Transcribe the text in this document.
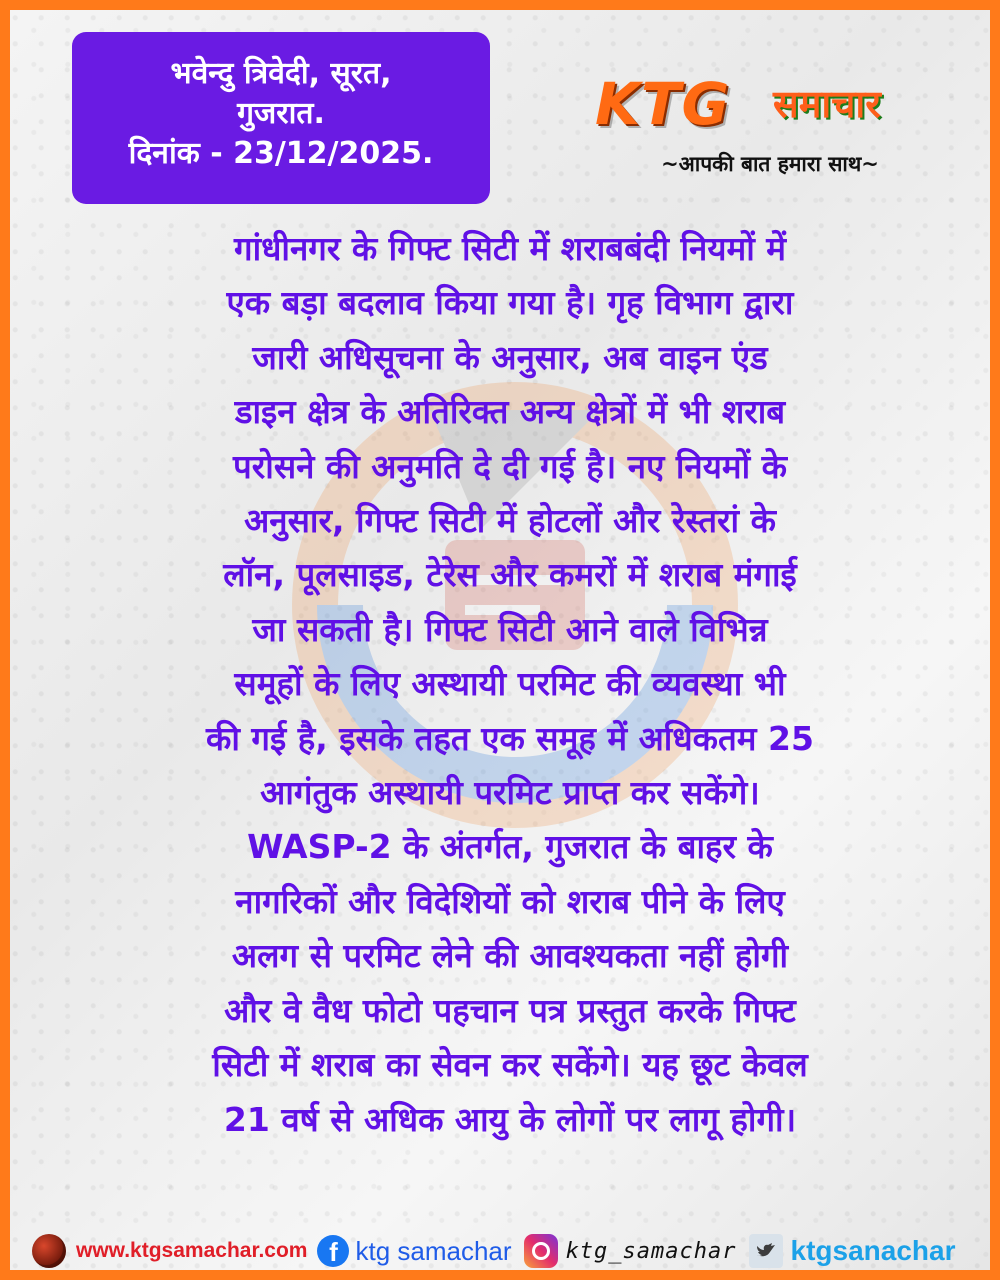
भवेन्दु त्रिवेदी, सूरत,
गुजरात.
दिनांक - 23/12/2025.
KTG समाचार
~आपकी बात हमारा साथ~
गांधीनगर के गिफ्ट सिटी में शराबबंदी नियमों में
एक बड़ा बदलाव किया गया है। गृह विभाग द्वारा
जारी अधिसूचना के अनुसार, अब वाइन एंड
डाइन क्षेत्र के अतिरिक्त अन्य क्षेत्रों में भी शराब
परोसने की अनुमति दे दी गई है। नए नियमों के
अनुसार, गिफ्ट सिटी में होटलों और रेस्तरां के
लॉन, पूलसाइड, टेरेस और कमरों में शराब मंगाई
जा सकती है। गिफ्ट सिटी आने वाले विभिन्न
समूहों के लिए अस्थायी परमिट की व्यवस्था भी
की गई है, इसके तहत एक समूह में अधिकतम 25
आगंतुक अस्थायी परमिट प्राप्त कर सकेंगे।
WASP-2 के अंतर्गत, गुजरात के बाहर के
नागरिकों और विदेशियों को शराब पीने के लिए
अलग से परमिट लेने की आवश्यकता नहीं होगी
और वे वैध फोटो पहचान पत्र प्रस्तुत करके गिफ्ट
सिटी में शराब का सेवन कर सकेंगे। यह छूट केवल
21 वर्ष से अधिक आयु के लोगों पर लागू होगी।
www.ktgsamachar.com f ktg samachar ktg_samachar ktgsanachar
